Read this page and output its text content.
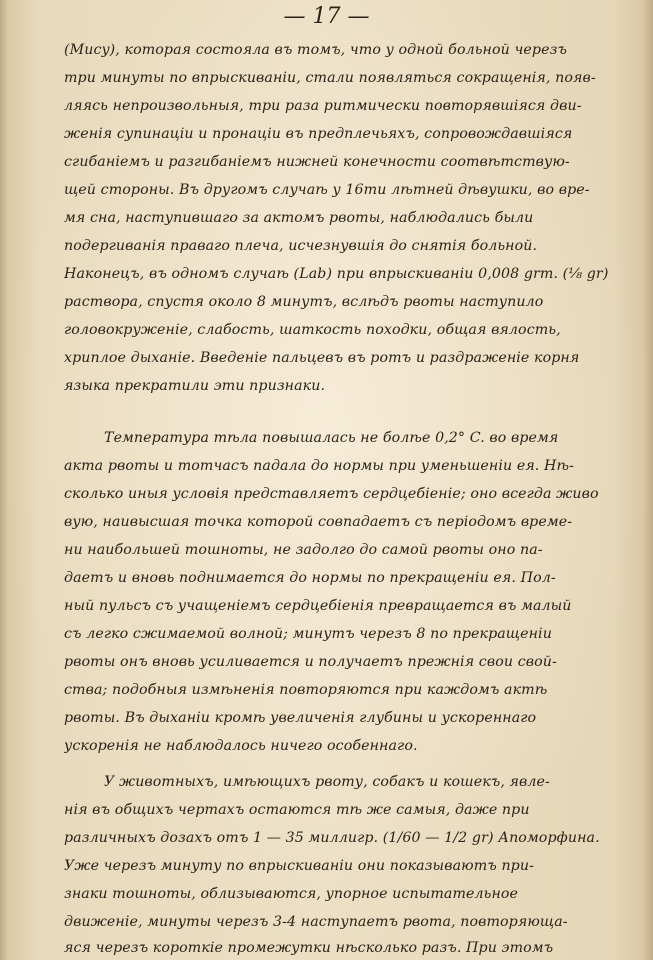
— 17 —
(Mucy), которая состояла въ томъ, что у одной больной черезъ
три минуты по впрыскиваніи, стали появляться сокращенія, появ-
ляясь непроизвольныя, три раза ритмически повторявшіяся дви-
женія супинаціи и пронаціи въ предплечьяхъ, сопровождавшіяся
сгибаніемъ и разгибаніемъ нижней конечности соотвѣтствую-
щей стороны. Въ другомъ случаѣ у 16ти лѣтней дѣвушки, во вре-
мя сна, наступившаго за актомъ рвоты, наблюдались были
подергиванія праваго плеча, исчезнувшія до снятія больной.
Наконецъ, въ одномъ случаѣ (Lab) при впрыскиваніи 0,008 grm. (⅛ gr)
раствора, спустя около 8 минутъ, вслѣдъ рвоты наступило
головокруженіе, слабость, шаткость походки, общая вялость,
хриплое дыханіе. Введеніе пальцевъ въ ротъ и раздраженіе корня
языка прекратили эти признаки.
Температура тѣла повышалась не болѣе 0,2° C. во время
акта рвоты и тотчасъ падала до нормы при уменьшеніи ея. Нѣ-
сколько иныя условія представляетъ сердцебіеніе; оно всегда живо
вую, наивысшая точка которой совпадаетъ съ періодомъ време-
ни наибольшей тошноты, не задолго до самой рвоты оно па-
даетъ и вновь поднимается до нормы по прекращеніи ея. Пол-
ный пульсъ съ учащеніемъ сердцебіенія превращается въ малый
съ легко сжимаемой волной; минутъ черезъ 8 по прекращеніи
рвоты онъ вновь усиливается и получаетъ прежнія свои свой-
ства; подобныя измѣненія повторяются при каждомъ актѣ
рвоты. Въ дыханіи кромѣ увеличенія глубины и ускореннаго
ускоренія не наблюдалось ничего особеннаго.
У животныхъ, имѣющихъ рвоту, собакъ и кошекъ, явле-
нія въ общихъ чертахъ остаются тѣ же самыя, даже при
различныхъ дозахъ отъ 1 — 35 миллигр. (1/60 — 1/2 gr) Апоморфина.
Уже черезъ минуту по впрыскиваніи они показываютъ при-
знаки тошноты, облизываются, упорное испытательное
движеніе, минуты черезъ 3-4 наступаетъ рвота, повторяюща-
яся черезъ короткіе промежутки нѣсколько разъ. При этомъ
